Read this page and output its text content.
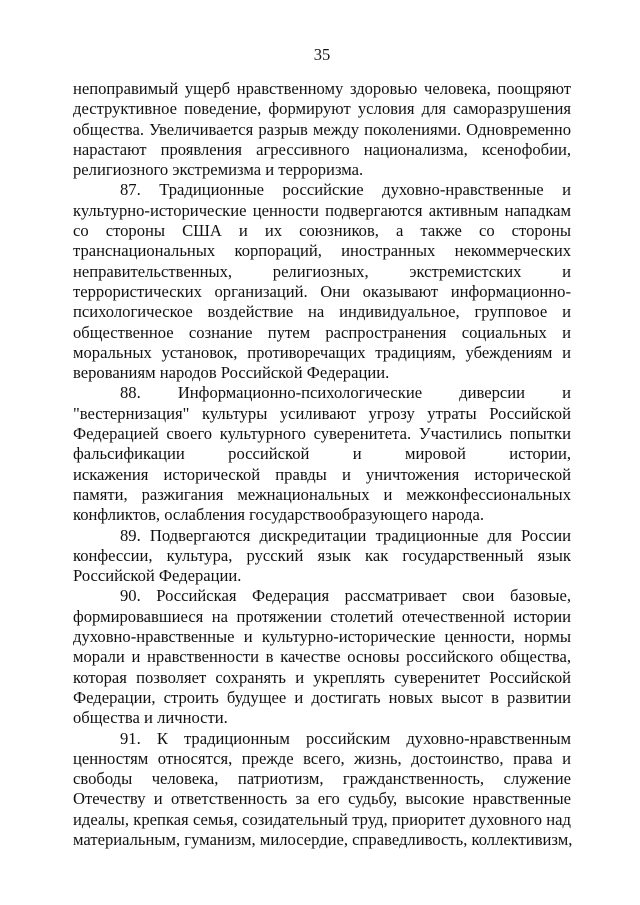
35
непоправимый ущерб нравственному здоровью человека, поощряют
деструктивное поведение, формируют условия для саморазрушения
общества. Увеличивается разрыв между поколениями. Одновременно
нарастают проявления агрессивного национализма, ксенофобии,
религиозного экстремизма и терроризма.
87. Традиционные российские духовно-нравственные и
культурно-исторические ценности подвергаются активным нападкам
со стороны США и их союзников, а также со стороны
транснациональных корпораций, иностранных некоммерческих
неправительственных, религиозных, экстремистских и
террористических организаций. Они оказывают информационно-
психологическое воздействие на индивидуальное, групповое и
общественное сознание путем распространения социальных и
моральных установок, противоречащих традициям, убеждениям и
верованиям народов Российской Федерации.
88. Информационно-психологические диверсии и
"вестернизация" культуры усиливают угрозу утраты Российской
Федерацией своего культурного суверенитета. Участились попытки
фальсификации российской и мировой истории,
искажения исторической правды и уничтожения исторической
памяти, разжигания межнациональных и межконфессиональных
конфликтов, ослабления государствообразующего народа.
89. Подвергаются дискредитации традиционные для России
конфессии, культура, русский язык как государственный язык
Российской Федерации.
90. Российская Федерация рассматривает свои базовые,
формировавшиеся на протяжении столетий отечественной истории
духовно-нравственные и культурно-исторические ценности, нормы
морали и нравственности в качестве основы российского общества,
которая позволяет сохранять и укреплять суверенитет Российской
Федерации, строить будущее и достигать новых высот в развитии
общества и личности.
91. К традиционным российским духовно-нравственным
ценностям относятся, прежде всего, жизнь, достоинство, права и
свободы человека, патриотизм, гражданственность, служение
Отечеству и ответственность за его судьбу, высокие нравственные
идеалы, крепкая семья, созидательный труд, приоритет духовного над
материальным, гуманизм, милосердие, справедливость, коллективизм,
